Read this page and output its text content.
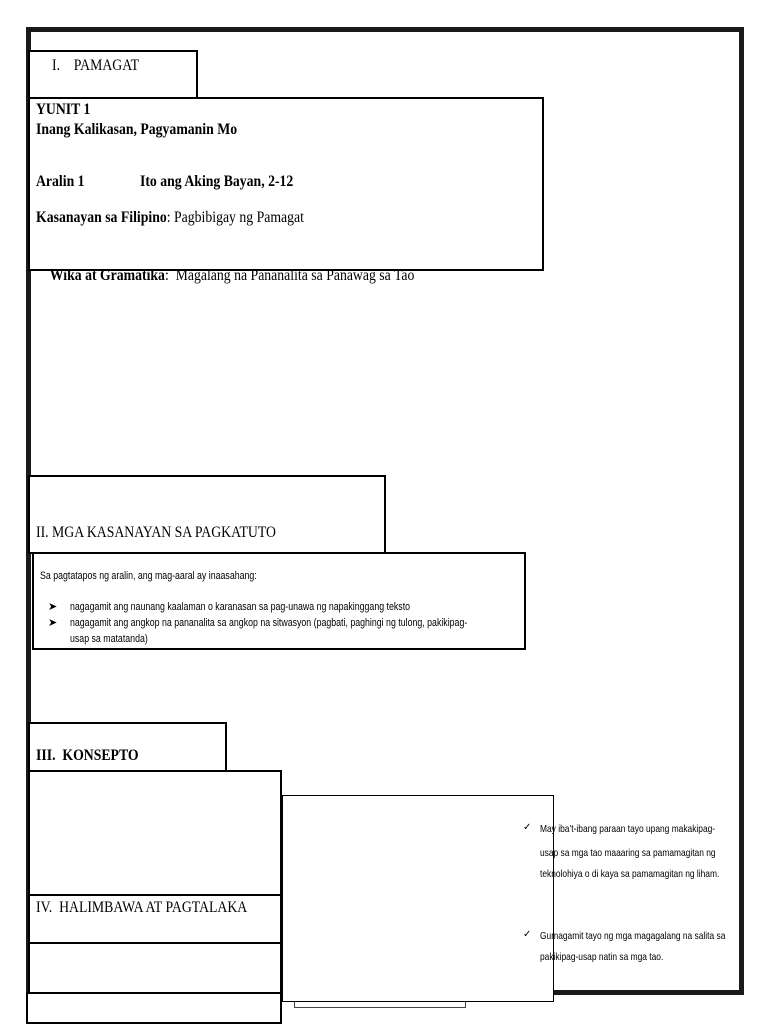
I.    PAMAGAT
YUNIT 1
Inang Kalikasan, Pagyamanin Mo
Aralin 1	Ito ang Aking Bayan, 2-12
Kasanayan sa Filipino: Pagbibigay ng Pamagat

Wika at Gramatika:  Magalang na Pananalita sa Panawag sa Tao

II. MGA KASANAYAN SA PAGKATUTO
Sa pagtatapos ng aralin, ang mag-aaral ay inaasahang:
➤ nagagamit ang naunang kaalaman o karanasan sa pag-unawa ng napakinggang teksto
➤ nagagamit ang angkop na pananalita sa angkop na sitwasyon (pagbati, paghingi ng tulong, pakikipag-
usap sa matatanda)
III.  KONSEPTO
✓ May iba’t-ibang paraan tayo upang makakipag-
usap sa mga tao maaaring sa pamamagitan ng
teknolohiya o di kaya sa pamamagitan ng liham.
✓ Gumagamit tayo ng mga magagalang na salita sa
pakikipag-usap natin sa mga tao.
IV.  HALIMBAWA AT PAGTALAKA
